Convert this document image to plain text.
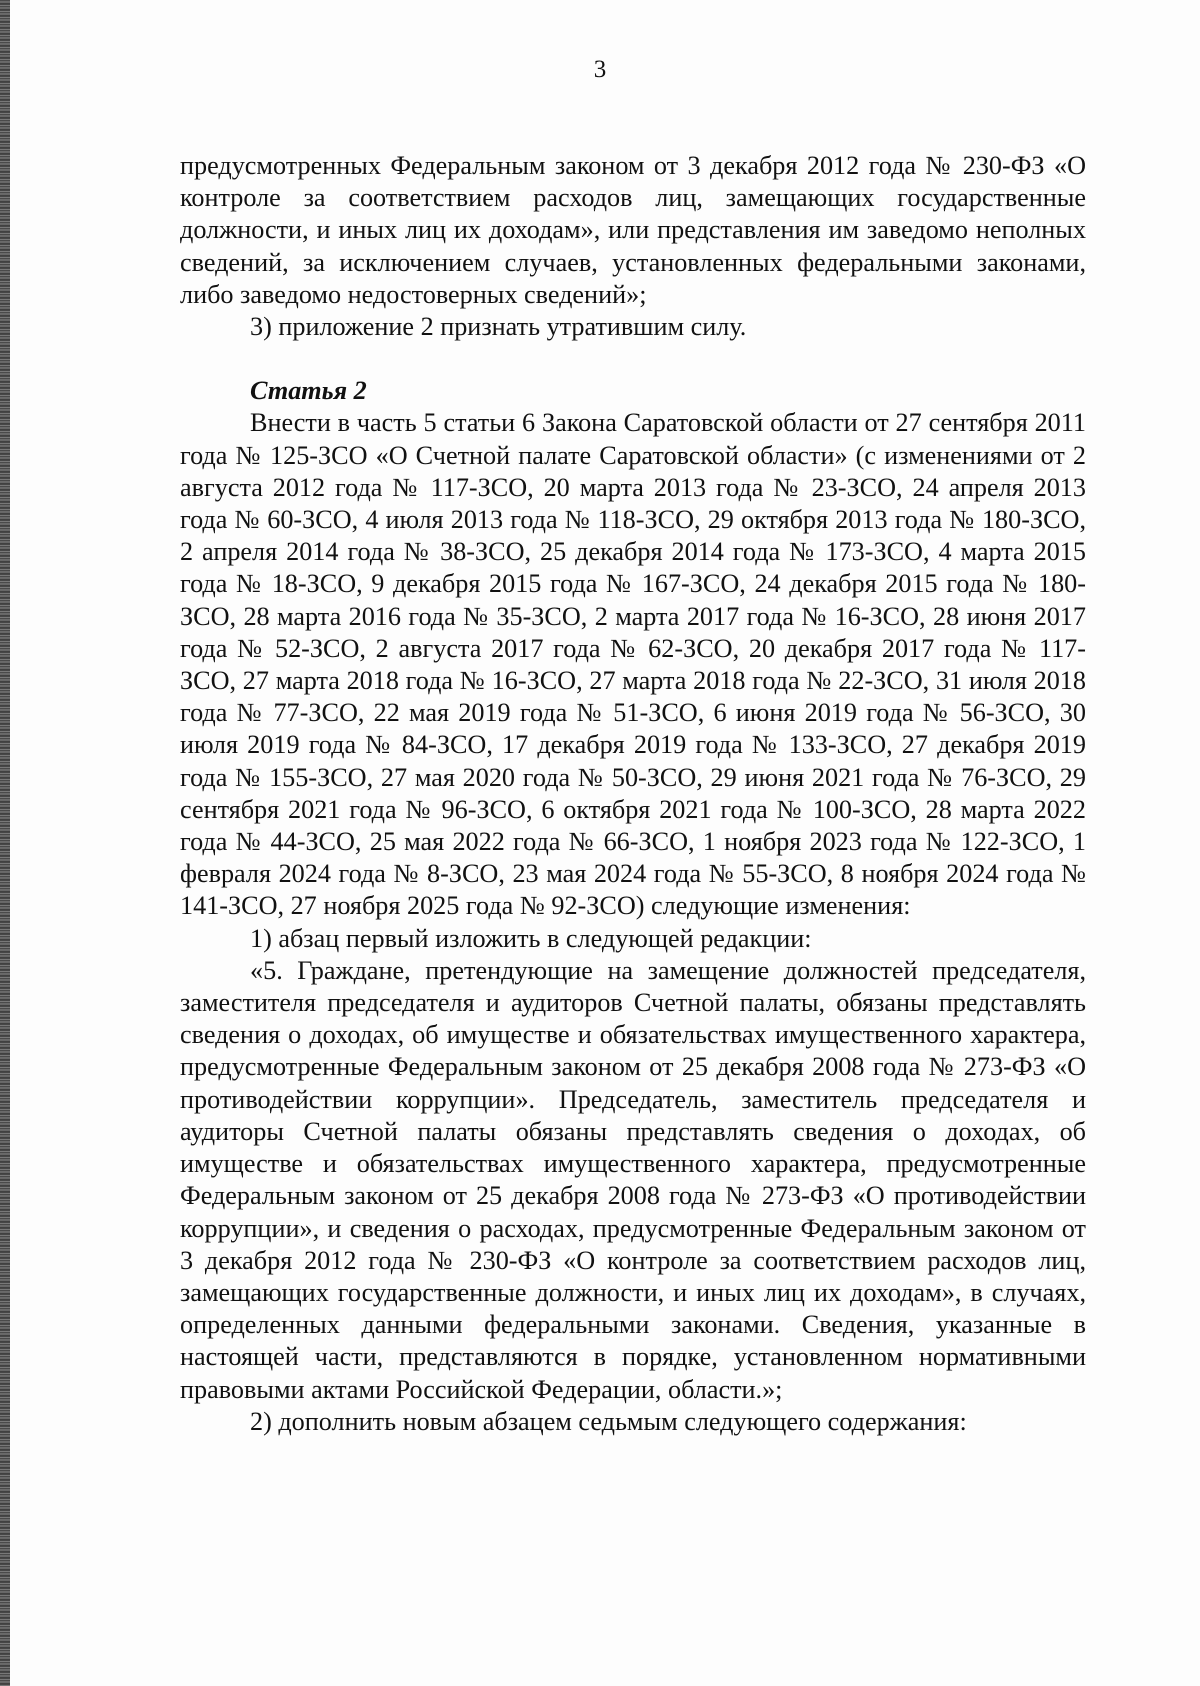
3

предусмотренных Федеральным законом от 3 декабря 2012 года № 230-ФЗ «О контроле за соответствием расходов лиц, замещающих государственные должности, и иных лиц их доходам», или представления им заведомо неполных сведений, за исключением случаев, установленных федеральными законами, либо заведомо недостоверных сведений»;

3) приложение 2 признать утратившим силу.

Статья 2

Внести в часть 5 статьи 6 Закона Саратовской области от 27 сентября 2011 года № 125-ЗСО «О Счетной палате Саратовской области» (с изменениями от 2 августа 2012 года № 117-ЗСО, 20 марта 2013 года № 23-ЗСО, 24 апреля 2013 года № 60-ЗСО, 4 июля 2013 года № 118-ЗСО, 29 октября 2013 года № 180-ЗСО, 2 апреля 2014 года № 38-ЗСО, 25 декабря 2014 года № 173-ЗСО, 4 марта 2015 года № 18-ЗСО, 9 декабря 2015 года № 167-ЗСО, 24 декабря 2015 года № 180-ЗСО, 28 марта 2016 года № 35-ЗСО, 2 марта 2017 года № 16-ЗСО, 28 июня 2017 года № 52-ЗСО, 2 августа 2017 года № 62-ЗСО, 20 декабря 2017 года № 117-ЗСО, 27 марта 2018 года № 16-ЗСО, 27 марта 2018 года № 22-ЗСО, 31 июля 2018 года № 77-ЗСО, 22 мая 2019 года № 51-ЗСО, 6 июня 2019 года № 56-ЗСО, 30 июля 2019 года № 84-ЗСО, 17 декабря 2019 года № 133-ЗСО, 27 декабря 2019 года № 155-ЗСО, 27 мая 2020 года № 50-ЗСО, 29 июня 2021 года № 76-ЗСО, 29 сентября 2021 года № 96-ЗСО, 6 октября 2021 года № 100-ЗСО, 28 марта 2022 года № 44-ЗСО, 25 мая 2022 года № 66-ЗСО, 1 ноября 2023 года № 122-ЗСО, 1 февраля 2024 года № 8-ЗСО, 23 мая 2024 года № 55-ЗСО, 8 ноября 2024 года № 141-ЗСО, 27 ноября 2025 года № 92-ЗСО) следующие изменения:

1) абзац первый изложить в следующей редакции:

«5. Граждане, претендующие на замещение должностей председателя, заместителя председателя и аудиторов Счетной палаты, обязаны представлять сведения о доходах, об имуществе и обязательствах имущественного характера, предусмотренные Федеральным законом от 25 декабря 2008 года № 273-ФЗ «О противодействии коррупции». Председатель, заместитель председателя и аудиторы Счетной палаты обязаны представлять сведения о доходах, об имуществе и обязательствах имущественного характера, предусмотренные Федеральным законом от 25 декабря 2008 года № 273-ФЗ «О противодействии коррупции», и сведения о расходах, предусмотренные Федеральным законом от 3 декабря 2012 года № 230-ФЗ «О контроле за соответствием расходов лиц, замещающих государственные должности, и иных лиц их доходам», в случаях, определенных данными федеральными законами. Сведения, указанные в настоящей части, представляются в порядке, установленном нормативными правовыми актами Российской Федерации, области.»;

2) дополнить новым абзацем седьмым следующего содержания:
